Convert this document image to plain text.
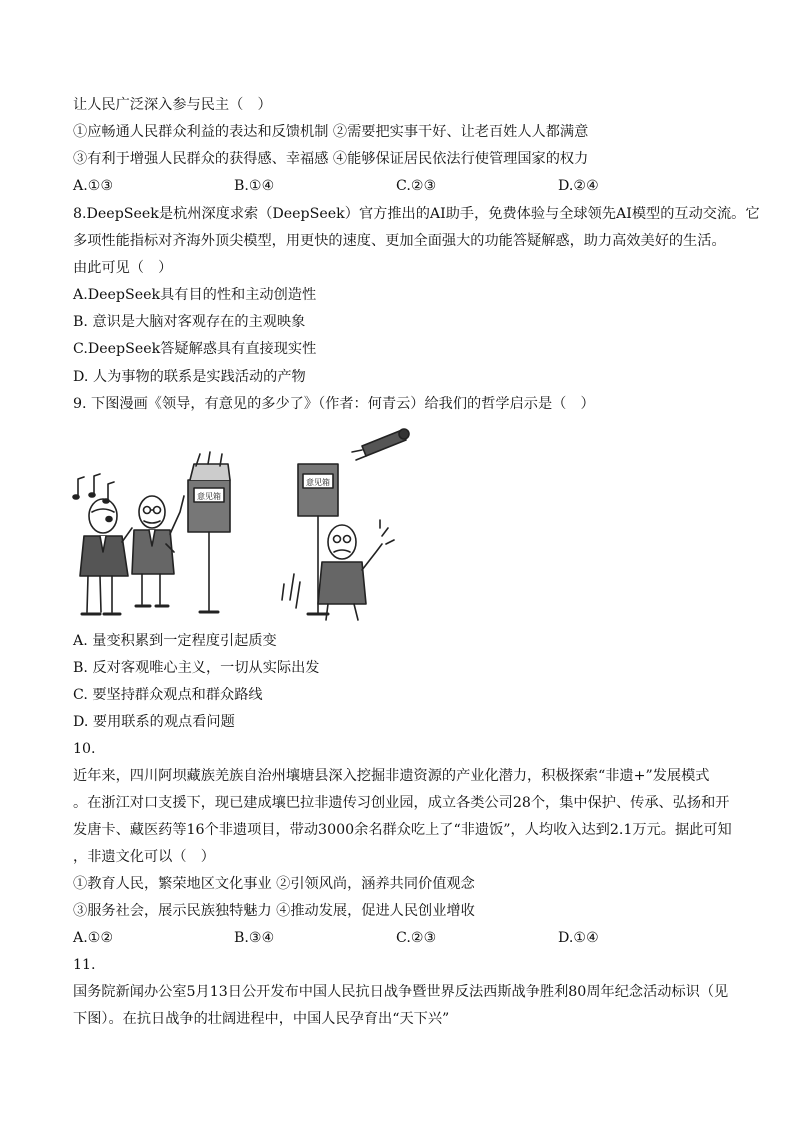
让人民广泛深入参与民主（　）
①应畅通人民群众利益的表达和反馈机制 ②需要把实事干好、让老百姓人人都满意
③有利于增强人民群众的获得感、幸福感 ④能够保证居民依法行使管理国家的权力
A.①③	B.①④	C.②③	D.②④
8.DeepSeek是杭州深度求索（DeepSeek）官方推出的AI助手，免费体验与全球领先AI模型的互动交流。它
多项性能指标对齐海外顶尖模型，用更快的速度、更加全面强大的功能答疑解惑，助力高效美好的生活。
由此可见（　）
A.DeepSeek具有目的性和主动创造性
B. 意识是大脑对客观存在的主观映象
C.DeepSeek答疑解惑具有直接现实性
D. 人为事物的联系是实践活动的产物
9. 下图漫画《领导，有意见的多少了》（作者：何青云）给我们的哲学启示是（　）
意见箱
意见箱
A. 量变积累到一定程度引起质变
B. 反对客观唯心主义，一切从实际出发
C. 要坚持群众观点和群众路线
D. 要用联系的观点看问题
10.
近年来，四川阿坝藏族羌族自治州壤塘县深入挖掘非遗资源的产业化潜力，积极探索“非遗+”发展模式
。在浙江对口支援下，现已建成壤巴拉非遗传习创业园，成立各类公司28个，集中保护、传承、弘扬和开
发唐卡、藏医药等16个非遗项目，带动3000余名群众吃上了“非遗饭”，人均收入达到2.1万元。据此可知
，非遗文化可以（　）
①教育人民，繁荣地区文化事业 ②引领风尚，涵养共同价值观念
③服务社会，展示民族独特魅力 ④推动发展，促进人民创业增收
A.①②	B.③④	C.②③	D.①④
11.
国务院新闻办公室5月13日公开发布中国人民抗日战争暨世界反法西斯战争胜利80周年纪念活动标识（见
下图）。在抗日战争的壮阔进程中，中国人民孕育出“天下兴”
